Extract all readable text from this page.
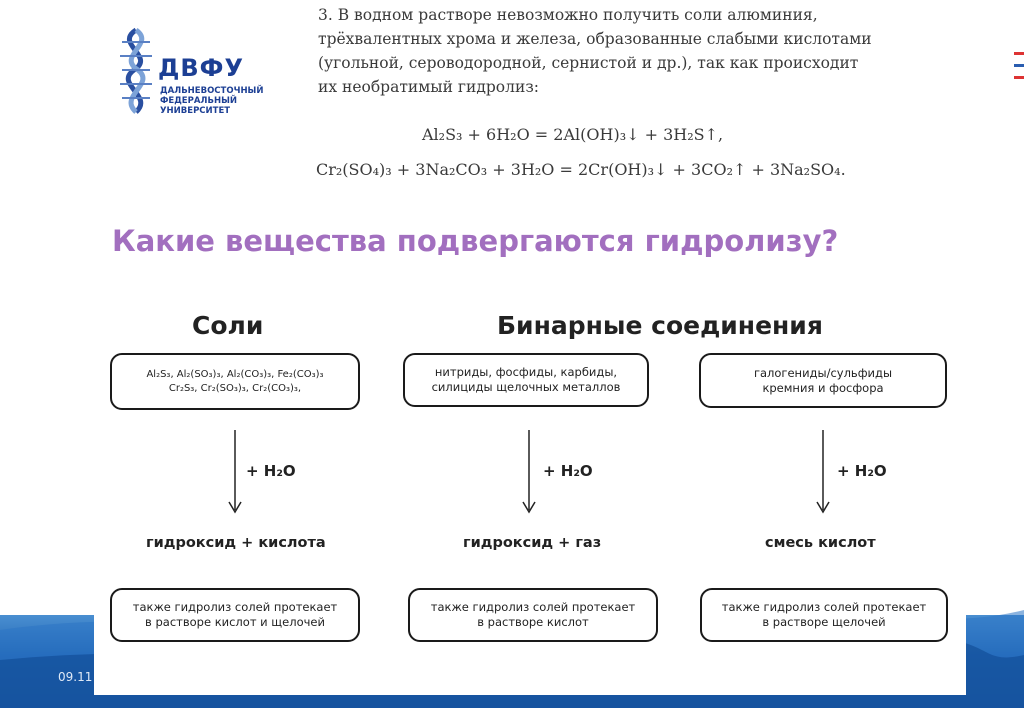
09.11
ДВФУ
ДАЛЬНЕВОСТОЧНЫЙ
ФЕДЕРАЛЬНЫЙ
УНИВЕРСИТЕТ

3. В водном растворе невозможно получить соли алюминия,

трёхвалентных хрома и железа, образованные слабыми кислотами

(угольной, сероводородной, сернистой и др.), так как происходит

их необратимый гидролиз:

Al₂S₃ + 6H₂O = 2Al(OH)₃↓ + 3H₂S↑,
Cr₂(SO₄)₃ + 3Na₂CO₃ + 3H₂O = 2Cr(OH)₃↓ + 3CO₂↑ + 3Na₂SO₄.
Какие вещества подвергаются гидролизу?
Соли	Бинарные соединения
Al₂S₃, Al₂(SO₃)₃, Al₂(CO₃)₃, Fe₂(CO₃)₃
Cr₂S₃, Cr₂(SO₃)₃, Cr₂(CO₃)₃,
нитриды, фосфиды, карбиды,
силициды щелочных металлов
галогениды/сульфиды
кремния и фосфора
+ H₂O	+ H₂O	+ H₂O
гидроксид + кислота	гидроксид + газ	смесь кислот
также гидролиз солей протекает
в растворе кислот и щелочей
также гидролиз солей протекает
в растворе кислот
также гидролиз солей протекает
в растворе щелочей
